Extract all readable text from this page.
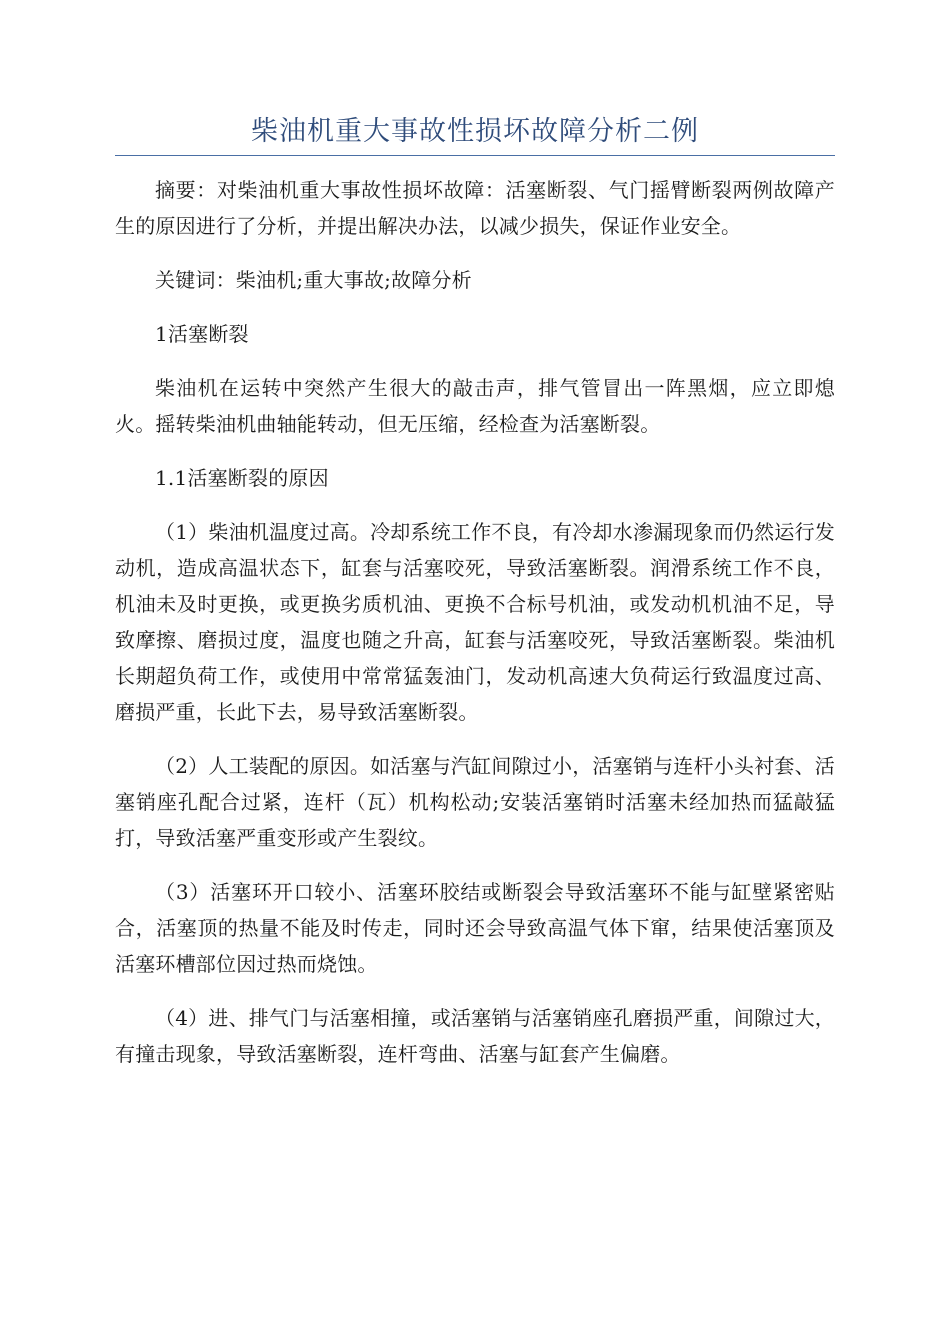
柴油机重大事故性损坏故障分析二例

摘要：对柴油机重大事故性损坏故障：活塞断裂、气门摇臂断裂两例故障产生的原因进行了分析，并提出解决办法，以减少损失，保证作业安全。

关键词：柴油机;重大事故;故障分析

1活塞断裂

柴油机在运转中突然产生很大的敲击声，排气管冒出一阵黑烟，应立即熄火。摇转柴油机曲轴能转动，但无压缩，经检查为活塞断裂。

1.1活塞断裂的原因

（1）柴油机温度过高。冷却系统工作不良，有冷却水渗漏现象而仍然运行发动机，造成高温状态下，缸套与活塞咬死，导致活塞断裂。润滑系统工作不良，机油未及时更换，或更换劣质机油、更换不合标号机油，或发动机机油不足，导致摩擦、磨损过度，温度也随之升高，缸套与活塞咬死，导致活塞断裂。柴油机长期超负荷工作，或使用中常常猛轰油门，发动机高速大负荷运行致温度过高、磨损严重，长此下去，易导致活塞断裂。

（2）人工装配的原因。如活塞与汽缸间隙过小，活塞销与连杆小头衬套、活塞销座孔配合过紧，连杆（瓦）机构松动;安装活塞销时活塞未经加热而猛敲猛打，导致活塞严重变形或产生裂纹。

（3）活塞环开口较小、活塞环胶结或断裂会导致活塞环不能与缸壁紧密贴合，活塞顶的热量不能及时传走，同时还会导致高温气体下窜，结果使活塞顶及活塞环槽部位因过热而烧蚀。

（4）进、排气门与活塞相撞，或活塞销与活塞销座孔磨损严重，间隙过大，有撞击现象，导致活塞断裂，连杆弯曲、活塞与缸套产生偏磨。
